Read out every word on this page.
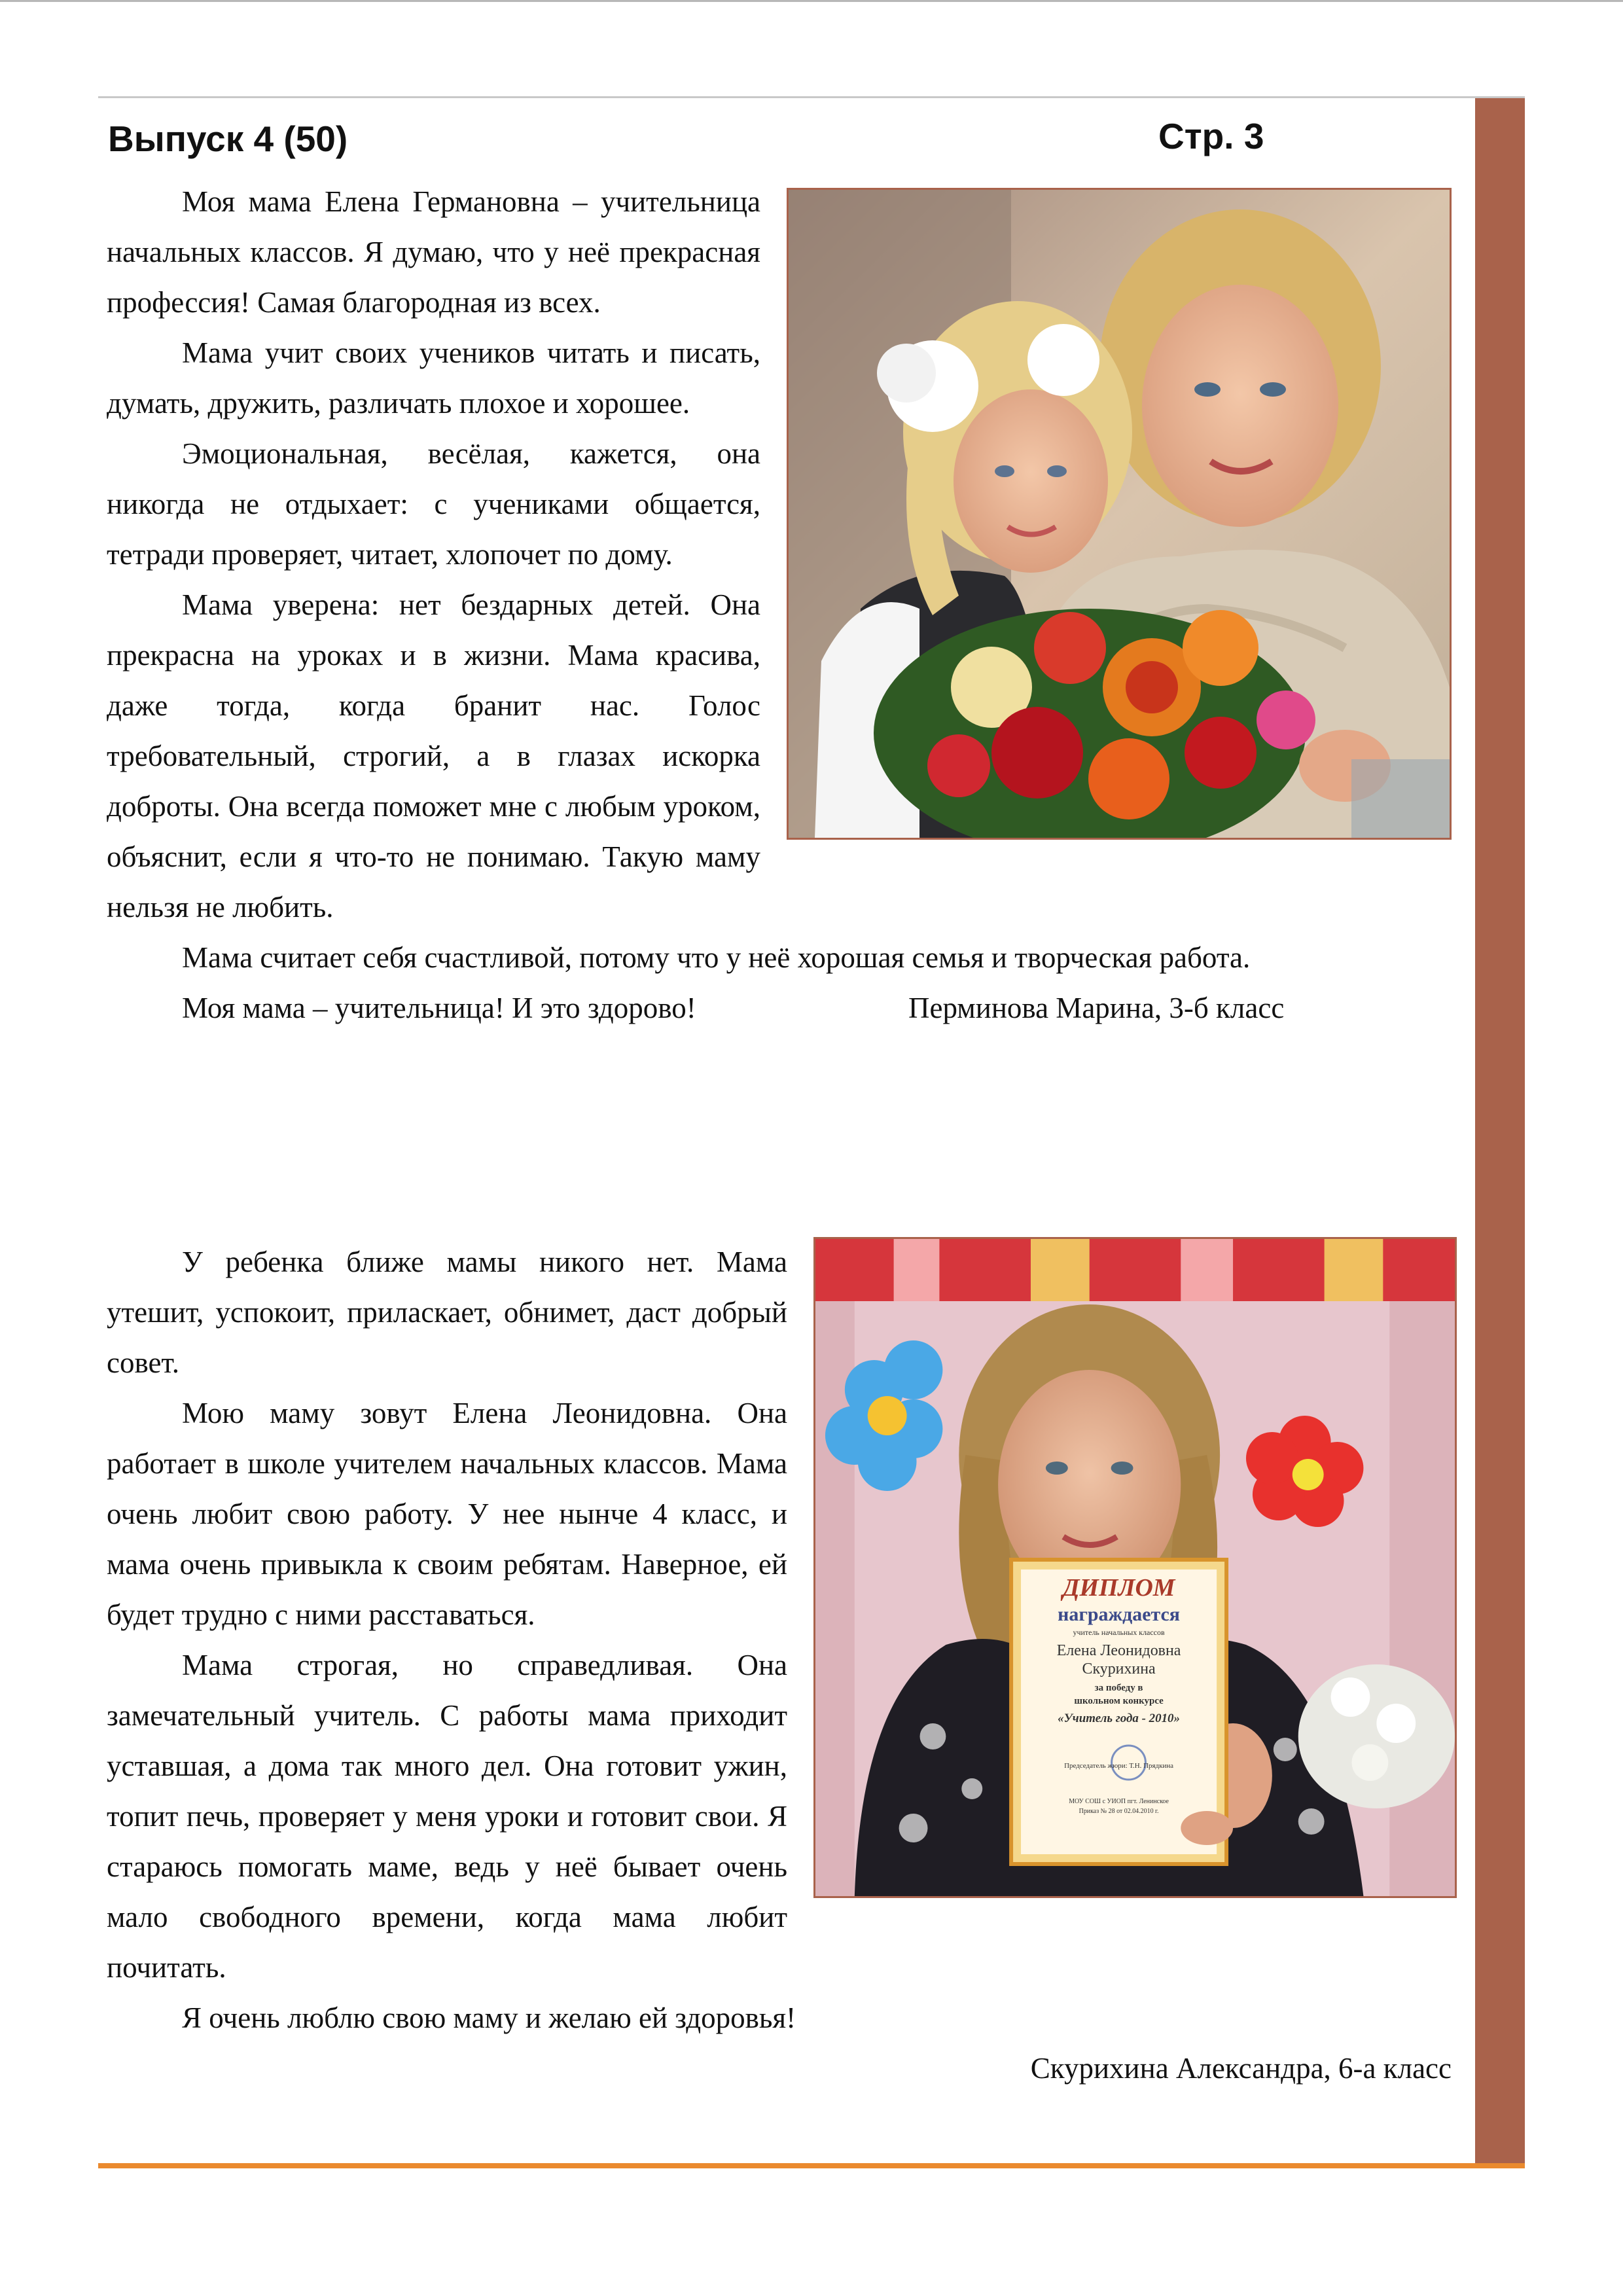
Выпуск 4 (50)	Стр. 3

Моя мама Елена Германовна – учительница начальных классов. Я думаю, что у неё прекрасная профессия! Самая благородная из всех.

Мама учит своих учеников читать и писать, думать, дружить, различать плохое и хорошее.

Эмоциональная, весёлая, кажется, она никогда не отдыхает: с учениками общается, тетради проверяет, читает, хлопочет по дому.

Мама уверена: нет бездарных детей. Она прекрасна на уроках и в жизни. Мама красива, даже тогда, когда бранит нас. Голос требовательный, строгий, а в глазах искорка доброты. Она всегда поможет мне с любым уроком, объяснит, если я что-то не понимаю. Такую маму нельзя не любить.

Мама считает себя счастливой, потому что у неё хорошая семья и творческая работа.

Моя мама – учительница! И это здорово!	Перминова Марина, 3-б класс

ДИПЛОМ
награждается
учитель начальных классов
Елена Леонидовна
Скурихина
за победу в
школьном конкурсе
«Учитель года - 2010»
Председатель жюри: Т.Н. Прядкина
МОУ СОШ с УИОП пгт. Ленинское
Приказ № 28 от 02.04.2010 г.

У ребенка ближе мамы никого нет. Мама утешит, успокоит, приласкает, обнимет, даст добрый совет.

Мою маму зовут Елена Леонидовна. Она работает в школе учителем начальных классов. Мама очень любит свою работу. У нее нынче 4 класс, и мама очень привыкла к своим ребятам. Наверное, ей будет трудно с ними расставаться.

Мама строгая, но справедливая. Она замечательный учитель. С работы мама приходит уставшая, а дома так много дел. Она готовит ужин, топит печь, проверяет у меня уроки и готовит свои. Я стараюсь помогать маме, ведь у неё бывает очень мало свободного времени, когда мама любит почитать.

Я очень люблю свою маму и желаю ей здоровья!

Скурихина Александра, 6-а класс
